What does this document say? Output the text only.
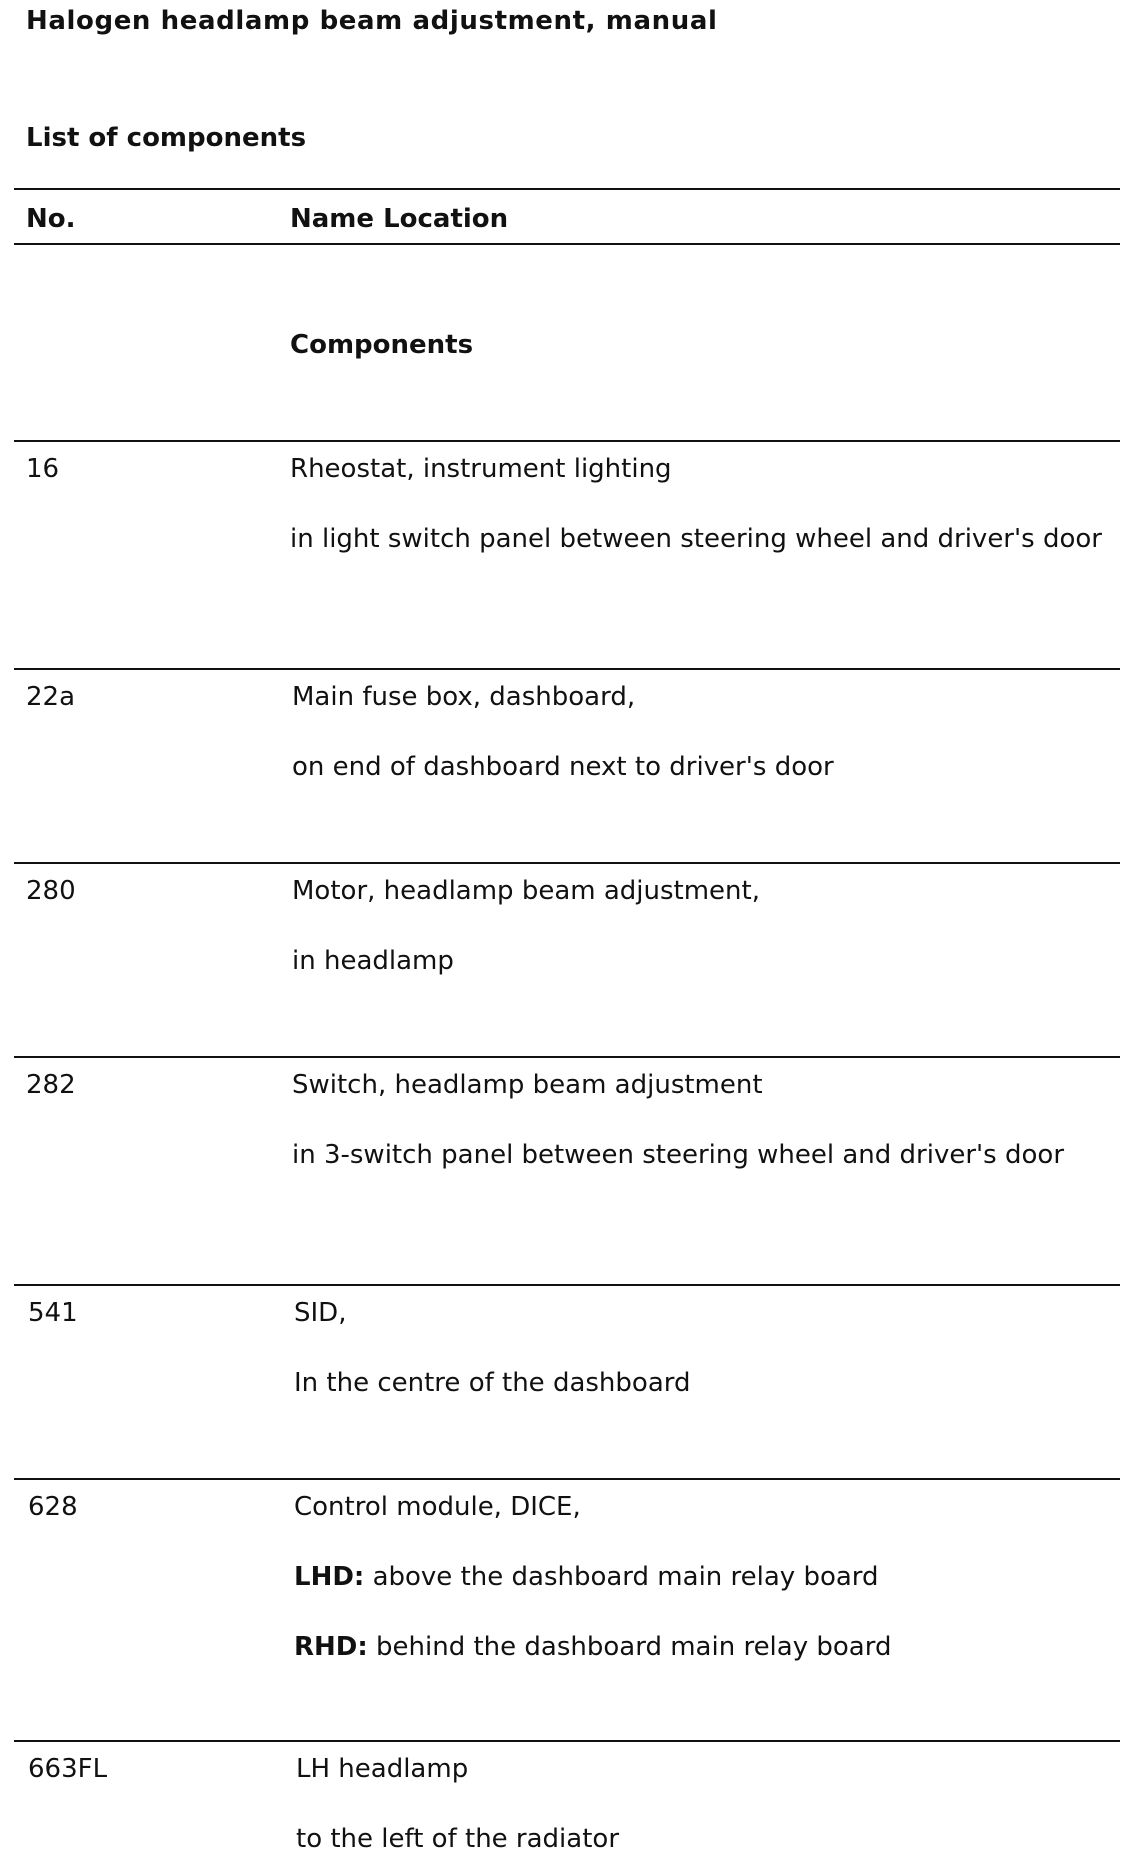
Halogen headlamp beam adjustment, manual
List of components
No.	Name Location
Components
16	Rheostat, instrument lighting
in light switch panel between steering wheel and driver's door
22a	Main fuse box, dashboard,
on end of dashboard next to driver's door
280	Motor, headlamp beam adjustment,
in headlamp
282	Switch, headlamp beam adjustment
in 3-switch panel between steering wheel and driver's door
541	SID,
In the centre of the dashboard
628	Control module, DICE,
LHD: above the dashboard main relay board
RHD: behind the dashboard main relay board
663FL	LH headlamp
to the left of the radiator
